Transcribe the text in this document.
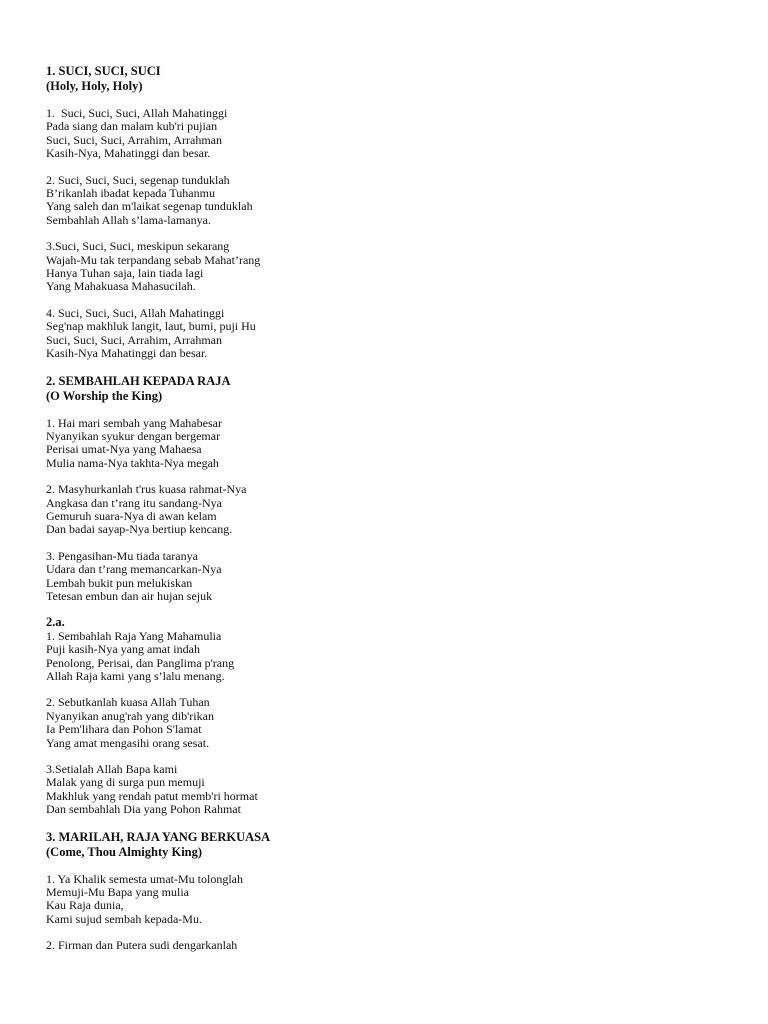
1. SUCI, SUCI, SUCI
(Holy, Holy, Holy)
1.  Suci, Suci, Suci, Allah Mahatinggi
Pada siang dan malam kub'ri pujian
Suci, Suci, Suci, Arrahim, Arrahman
Kasih-Nya, Mahatinggi dan besar.
2. Suci, Suci, Suci, segenap tunduklah
B’rikanlah ibadat kepada Tuhanmu
Yang saleh dan m'laikat segenap tunduklah
Sembahlah Allah s’lama-lamanya.
3.Suci, Suci, Suci, meskipun sekarang
Wajah-Mu tak terpandang sebab Mahat’rang
Hanya Tuhan saja, lain tiada lagi
Yang Mahakuasa Mahasucilah.
4. Suci, Suci, Suci, Allah Mahatinggi
Seg'nap makhluk langit, laut, bumi, puji Hu
Suci, Suci, Suci, Arrahim, Arrahman
Kasih-Nya Mahatinggi dan besar.
2. SEMBAHLAH KEPADA RAJA
(O Worship the King)
1. Hai mari sembah yang Mahabesar
Nyanyikan syukur dengan bergemar
Perisai umat-Nya yang Mahaesa
Mulia nama-Nya takhta-Nya megah
2. Masyhurkanlah t'rus kuasa rahmat-Nya
Angkasa dan t’rang itu sandang-Nya
Gemuruh suara-Nya di awan kelam
Dan badai sayap-Nya bertiup kencang.
3. Pengasihan-Mu tiada taranya
Udara dan t’rang memancarkan-Nya
Lembah bukit pun melukiskan
Tetesan embun dan air hujan sejuk
2.a.
1. Sembahlah Raja Yang Mahamulia
Puji kasih-Nya yang amat indah
Penolong, Perisai, dan Panglima p'rang
Allah Raja kami yang s’lalu menang.
2. Sebutkanlah kuasa Allah Tuhan
Nyanyikan anug'rah yang dib'rikan
Ia Pem'lihara dan Pohon S'lamat
Yang amat mengasihi orang sesat.
3.Setialah Allah Bapa kami
Malak yang di surga pun memuji
Makhluk yang rendah patut memb'ri hormat
Dan sembahlah Dia yang Pohon Rahmat
3. MARILAH, RAJA YANG BERKUASA
(Come, Thou Almighty King)
1. Ya Khalik semesta umat-Mu tolonglah
Memuji-Mu Bapa yang mulia
Kau Raja dunia,
Kami sujud sembah kepada-Mu.
2. Firman dan Putera sudi dengarkanlah
